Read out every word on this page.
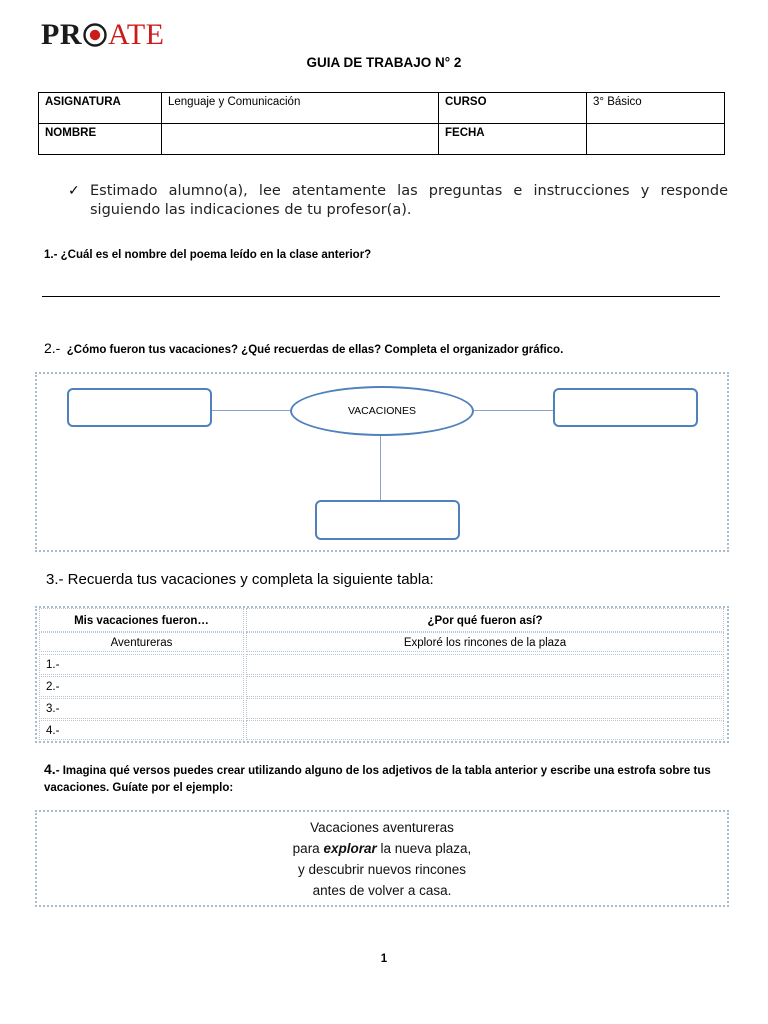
PR ATE
GUIA DE TRABAJO N° 2
ASIGNATURA	Lenguaje y Comunicación	CURSO	3° Básico
NOMBRE		FECHA	
✓ Estimado alumno(a), lee atentamente las preguntas e instrucciones y responde siguiendo las indicaciones de tu profesor(a).
1.- ¿Cuál es el nombre del poema leído en la clase anterior?
2.- ¿Cómo fueron tus vacaciones? ¿Qué recuerdas de ellas? Completa el organizador gráfico.
VACACIONES
3.- Recuerda tus vacaciones y completa la siguiente tabla:
Mis vacaciones fueron…	¿Por qué fueron así?
Aventureras	Exploré los rincones de la plaza
1.-
2.-
3.-
4.-
4.- Imagina qué versos puedes crear utilizando alguno de los adjetivos de la tabla anterior y escribe una estrofa sobre tus vacaciones. Guíate por el ejemplo:
Vacaciones aventureras
para explorar la nueva plaza,
y descubrir nuevos rincones
antes de volver a casa.
1
